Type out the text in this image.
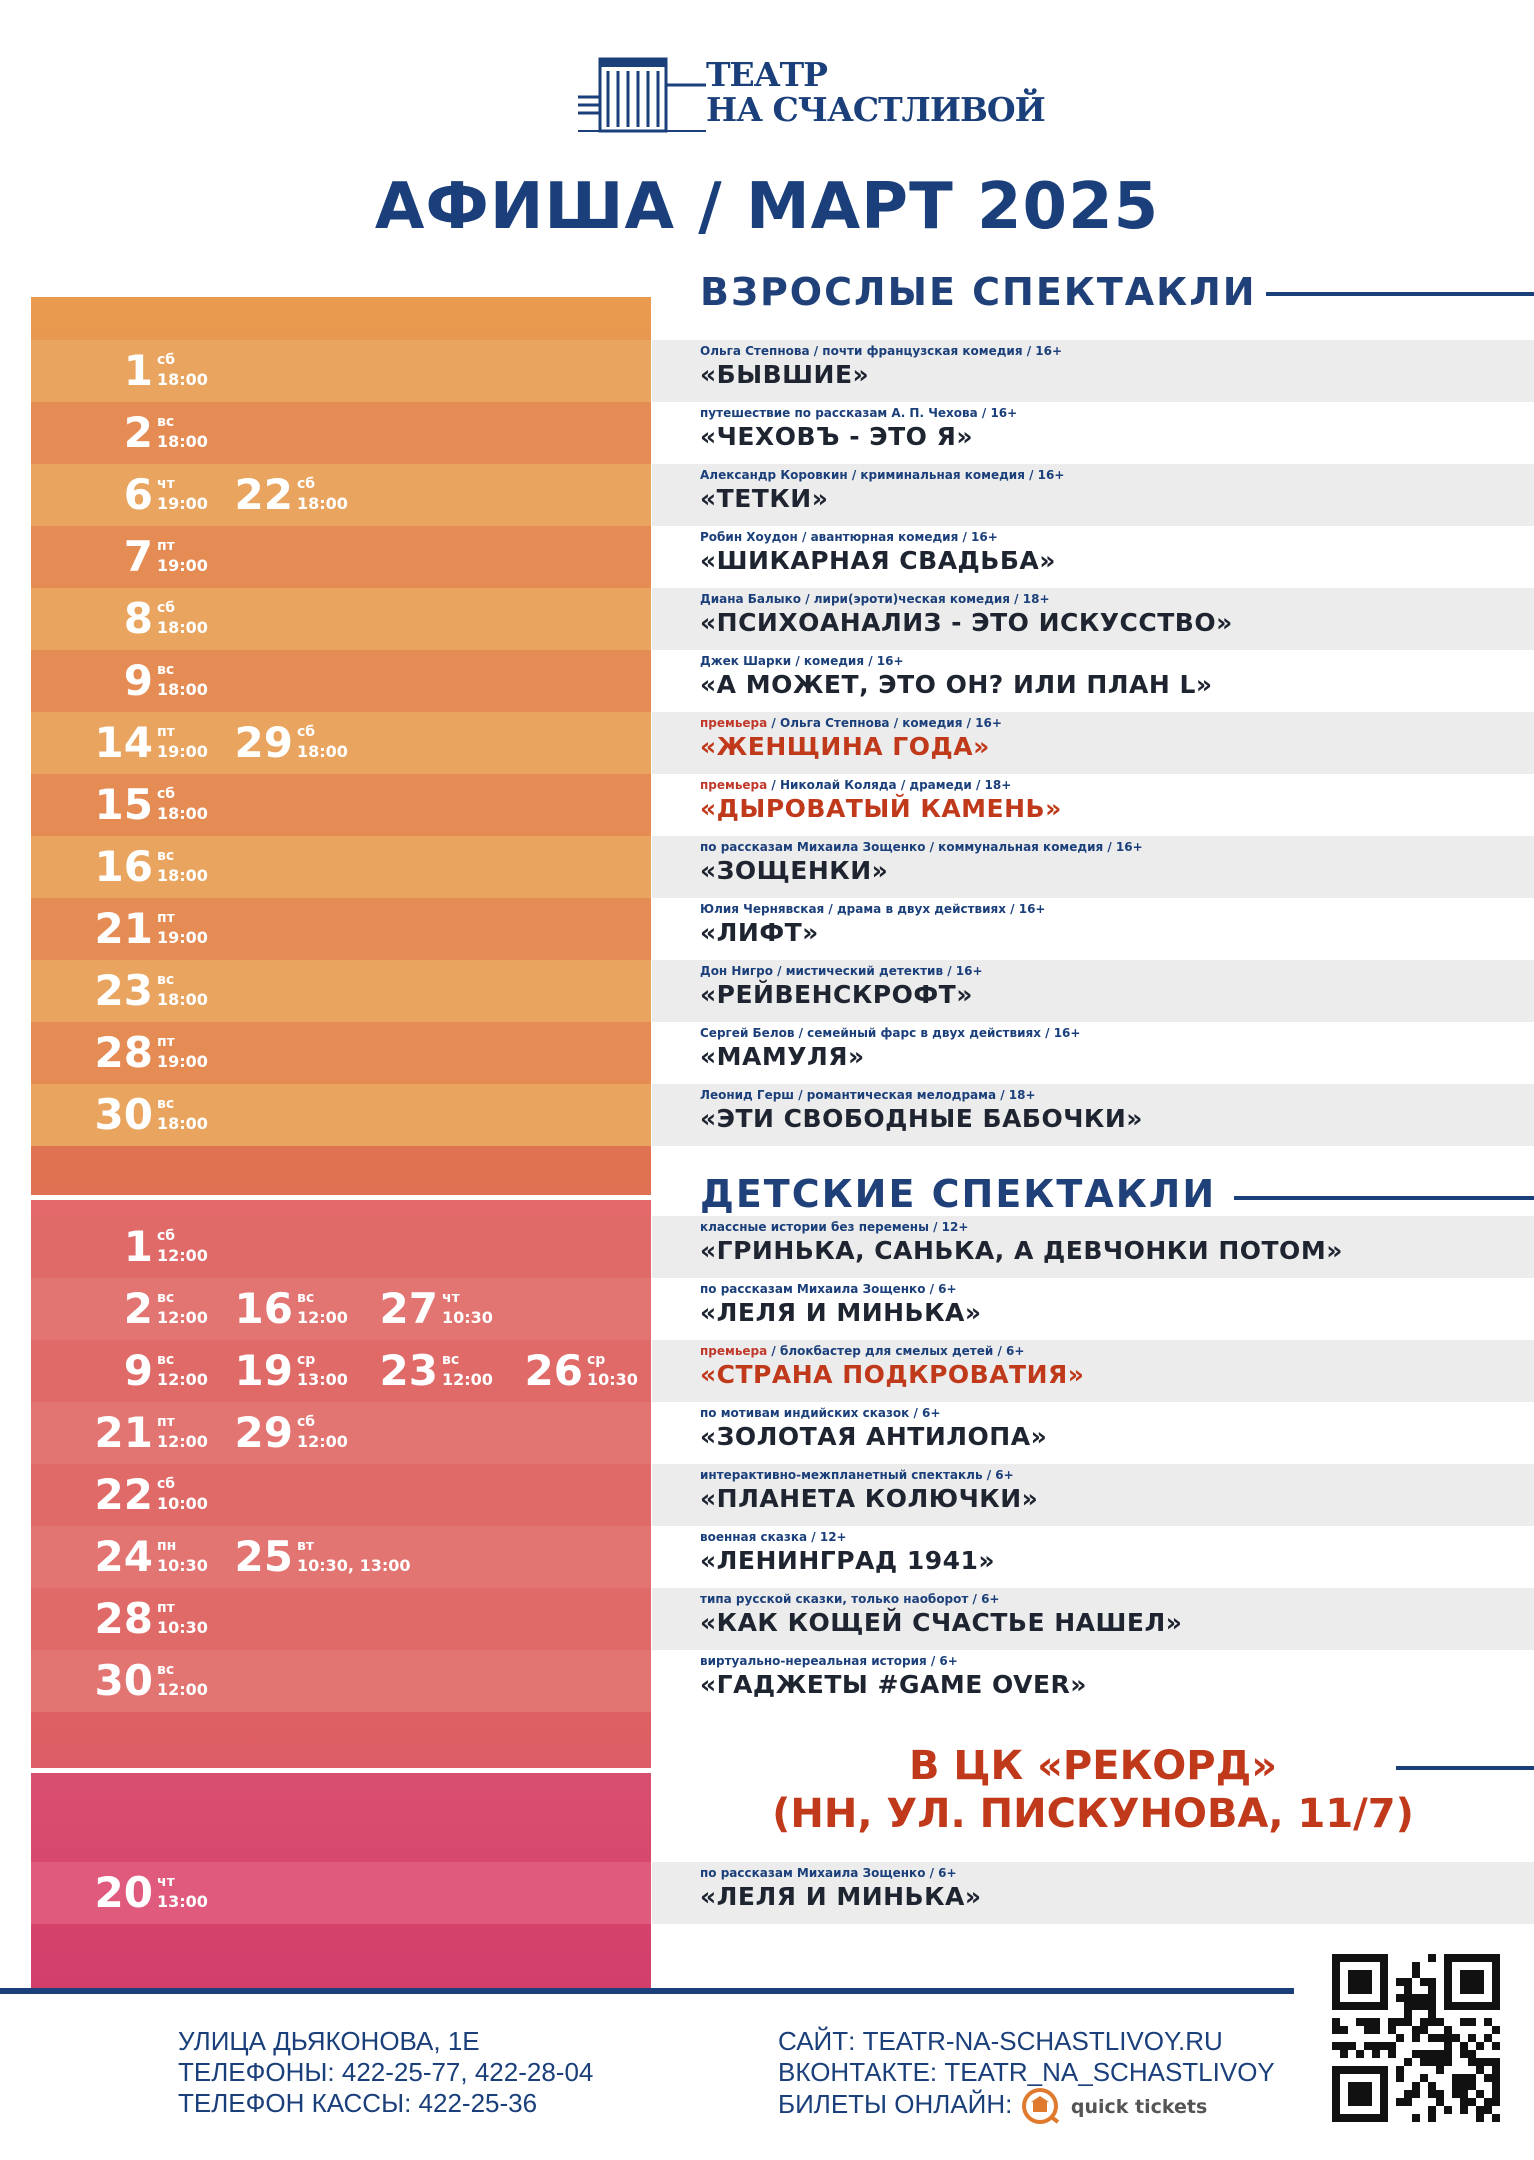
ТЕАТР
НА СЧАСТЛИВОЙ
АФИША / МАРТ 2025
ВЗРОСЛЫЕ СПЕКТАКЛИ
ДЕТСКИЕ СПЕКТАКЛИ
В ЦК «РЕКОРД»
(НН, УЛ. ПИСКУНОВА, 11/7)
1 сб
18:00
Ольга Степнова / почти французская комедия / 16+
«БЫВШИЕ»
2 вс
18:00
путешествие по рассказам А. П. Чехова / 16+
«ЧЕХОВЪ - ЭТО Я»
6 чт
19:00 22 сб
18:00
Александр Коровкин / криминальная комедия / 16+
«ТЕТКИ»
7 пт
19:00
Робин Хоудон / авантюрная комедия / 16+
«ШИКАРНАЯ СВАДЬБА»
8 сб
18:00
Диана Балыко / лири(эроти)ческая комедия / 18+
«ПСИХОАНАЛИЗ - ЭТО ИСКУССТВО»
9 вс
18:00
Джек Шарки / комедия / 16+
«А МОЖЕТ, ЭТО ОН? ИЛИ ПЛАН L»
14 пт
19:00 29 сб
18:00
премьера / Ольга Степнова / комедия / 16+
«ЖЕНЩИНА ГОДА»
15 сб
18:00
премьера / Николай Коляда / драмеди / 18+
«ДЫРОВАТЫЙ КАМЕНЬ»
16 вс
18:00
по рассказам Михаила Зощенко / коммунальная комедия / 16+
«ЗОЩЕНКИ»
21 пт
19:00
Юлия Чернявская / драма в двух действиях / 16+
«ЛИФТ»
23 вс
18:00
Дон Нигро / мистический детектив / 16+
«РЕЙВЕНСКРОФТ»
28 пт
19:00
Сергей Белов / семейный фарс в двух действиях / 16+
«МАМУЛЯ»
30 вс
18:00
Леонид Герш / романтическая мелодрама / 18+
«ЭТИ СВОБОДНЫЕ БАБОЧКИ»
1 сб
12:00
классные истории без перемены / 12+
«ГРИНЬКА, САНЬКА, А ДЕВЧОНКИ ПОТОМ»
2 вс
12:00 16 вс
12:00 27 чт
10:30
по рассказам Михаила Зощенко / 6+
«ЛЕЛЯ И МИНЬКА»
9 вс
12:00 19 ср
13:00 23 вс
12:00 26 ср
10:30
премьера / блокбастер для смелых детей / 6+
«СТРАНА ПОДКРОВАТИЯ»
21 пт
12:00 29 сб
12:00
по мотивам индийских сказок / 6+
«ЗОЛОТАЯ АНТИЛОПА»
22 сб
10:00
интерактивно-межпланетный спектакль / 6+
«ПЛАНЕТА КОЛЮЧКИ»
24 пн
10:30 25 вт
10:30, 13:00
военная сказка / 12+
«ЛЕНИНГРАД 1941»
28 пт
10:30
типа русской сказки, только наоборот / 6+
«КАК КОЩЕЙ СЧАСТЬЕ НАШЕЛ»
30 вс
12:00
виртуально-нереальная история / 6+
«ГАДЖЕТЫ #GAME OVER»
20 чт
13:00
по рассказам Михаила Зощенко / 6+
«ЛЕЛЯ И МИНЬКА»
УЛИЦА ДЬЯКОНОВА, 1Е
ТЕЛЕФОНЫ: 422-25-77, 422-28-04
ТЕЛЕФОН КАССЫ: 422-25-36
САЙТ: TEATR-NA-SCHASTLIVOY.RU
ВКОНТАКТЕ: TEATR_NA_SCHASTLIVOY
БИЛЕТЫ ОНЛАЙН:	quick tickets
